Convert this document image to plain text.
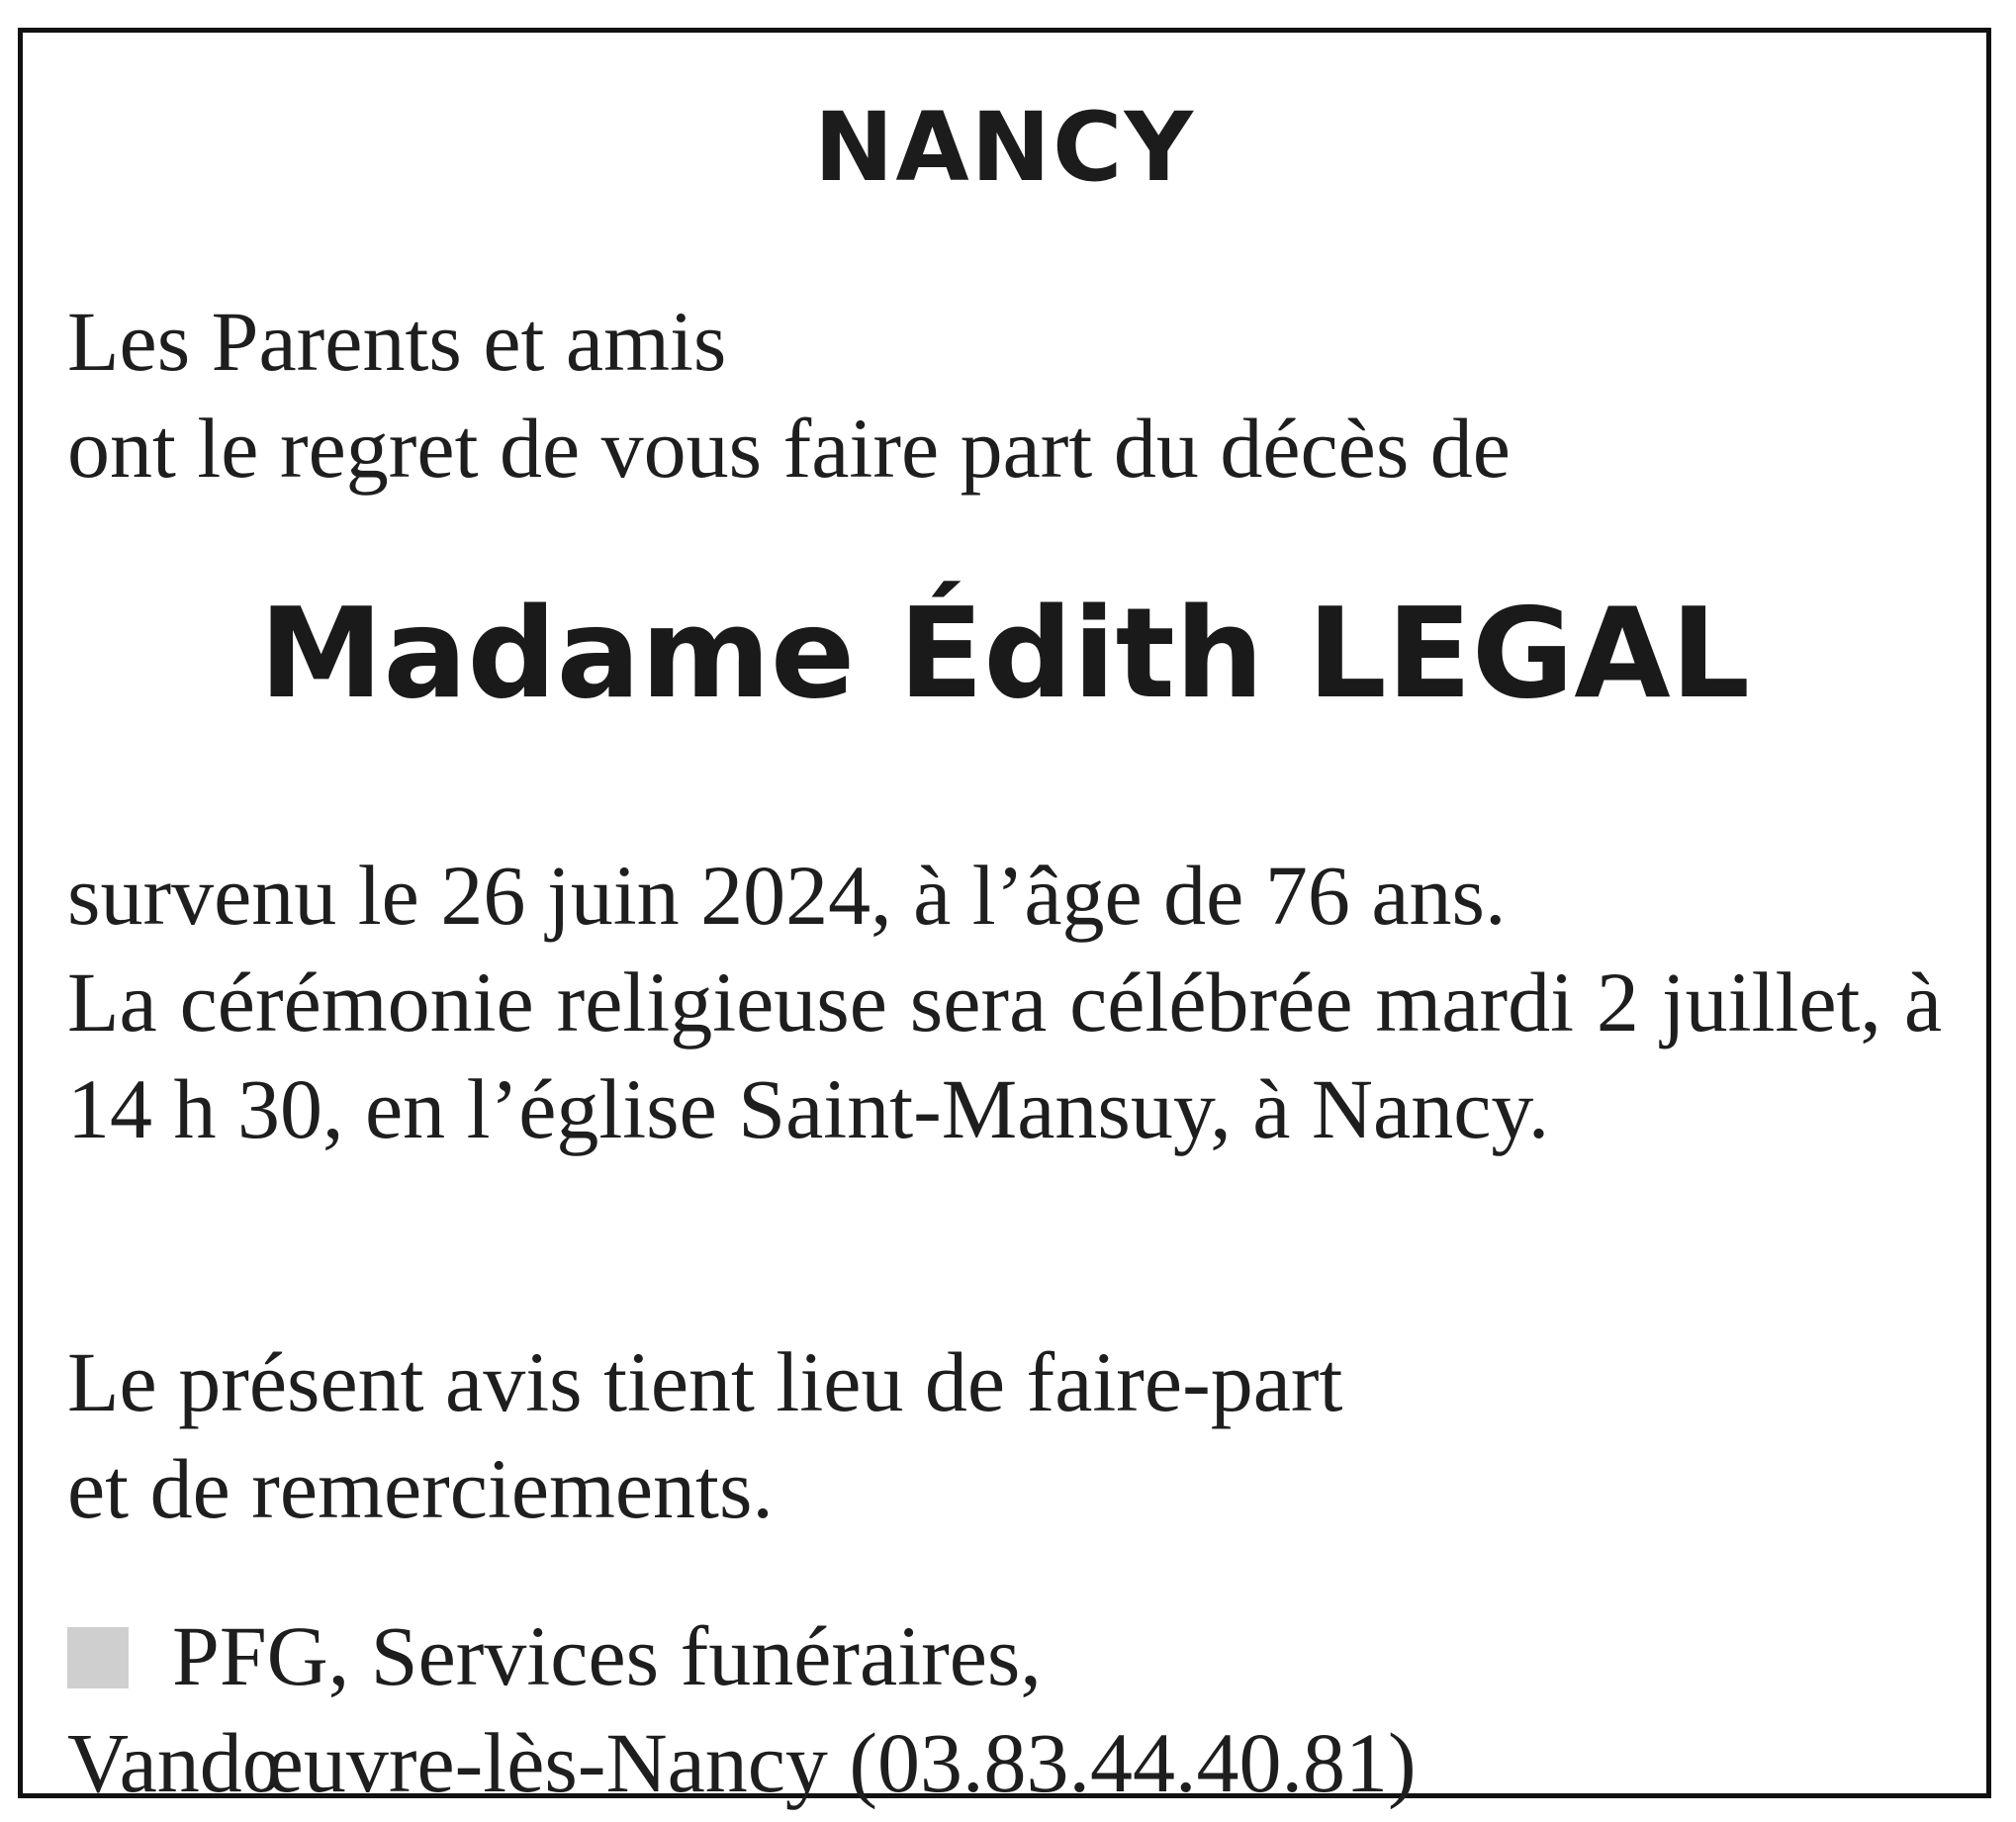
NANCY
Les Parents et amis
ont le regret de vous faire part du décès de
Madame Édith LEGAL
survenu le 26 juin 2024, à l’âge de 76 ans.
La cérémonie religieuse sera célébrée mardi 2 juillet, à 14 h 30, en l’église Saint-Mansuy, à Nancy.
Le présent avis tient lieu de faire-part
et de remerciements.
PFG, Services funéraires,
Vandœuvre-lès-Nancy (03.83.44.40.81)
